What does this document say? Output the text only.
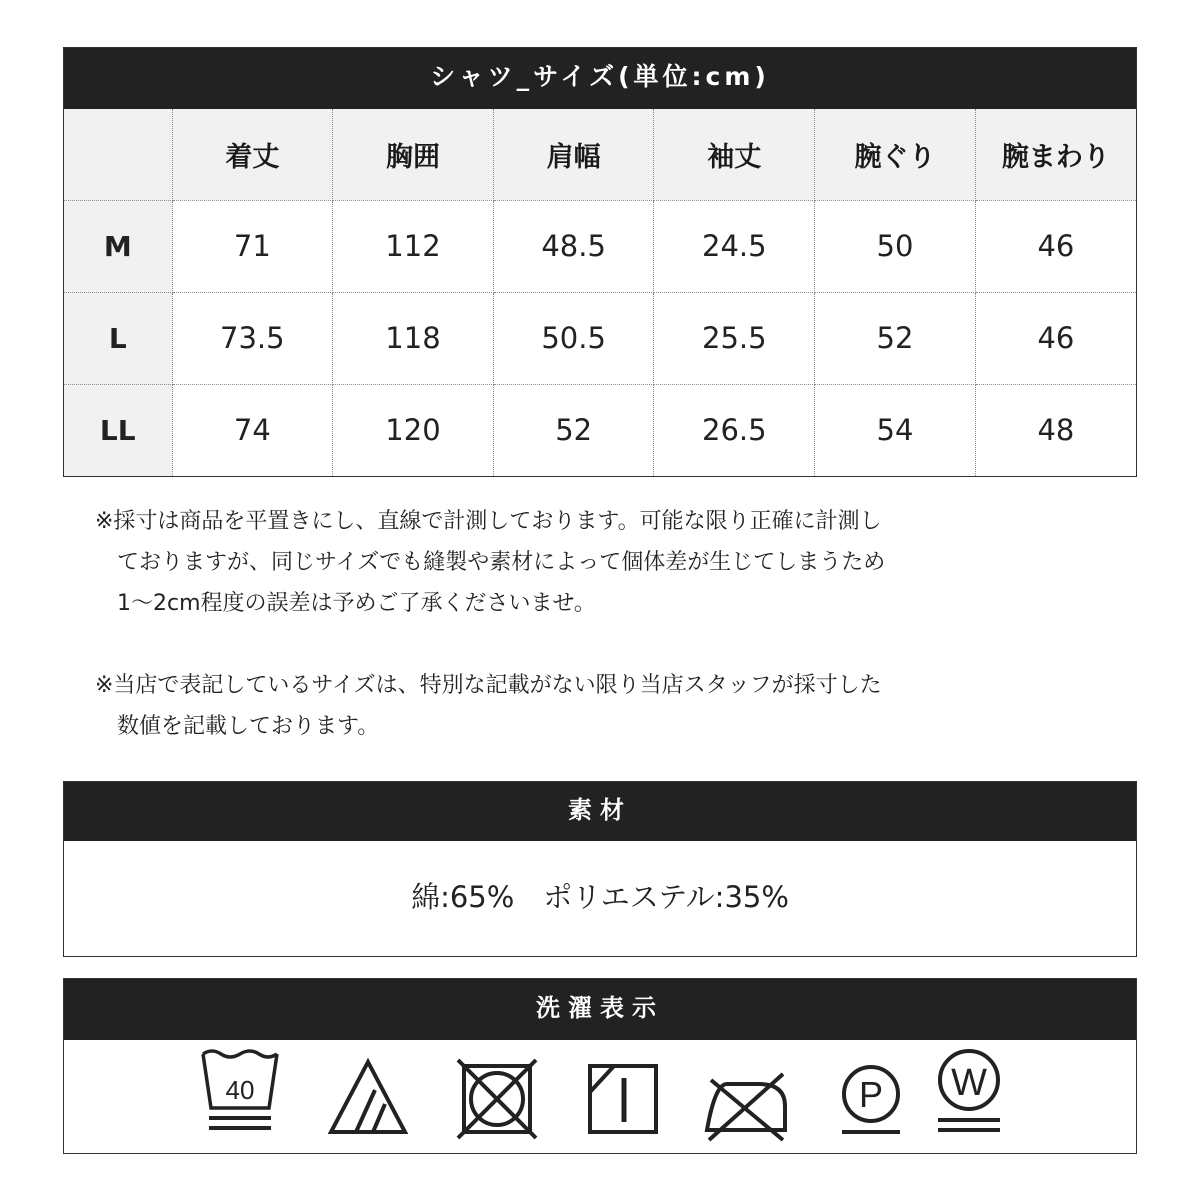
シャツ_サイズ(単位:cm)
	着丈	胸囲	肩幅	袖丈	腕ぐり	腕まわり
M	71	112	48.5	24.5	50	46
L	73.5	118	50.5	25.5	52	46
LL	74	120	52	26.5	54	48

※採寸は商品を平置きにし、直線で計測しております。可能な限り正確に計測し

　ておりますが、同じサイズでも縫製や素材によって個体差が生じてしまうため

　1～2cm程度の誤差は予めご了承くださいませ。

※当店で表記しているサイズは、特別な記載がない限り当店スタッフが採寸した

　数値を記載しております。

素材
綿:65%　ポリエステル:35%
洗濯表示
40	P W
